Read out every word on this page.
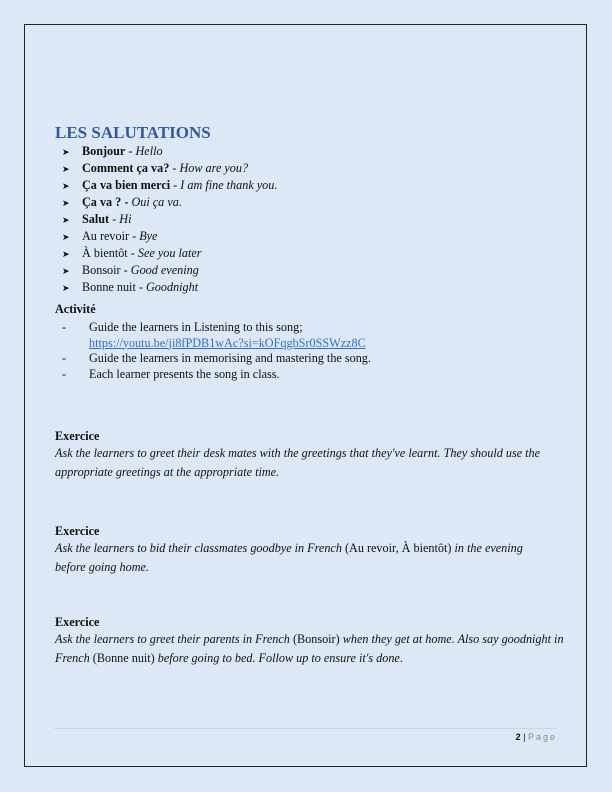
LES SALUTATIONS
➤ Bonjour - Hello
➤ Comment ça va? - How are you?
➤ Ça va bien merci - I am fine thank you.
➤ Ça va ? - Oui ça va.
➤ Salut - Hi
➤ Au revoir - Bye
➤ À bientôt - See you later
➤ Bonsoir - Good evening
➤ Bonne nuit - Goodnight
Activité
-	Guide the learners in Listening to this song;
https://youtu.be/ji8fPDB1wAc?si=kOFqgbSr0SSWzz8C
-	Guide the learners in memorising and mastering the song.
-	Each learner presents the song in class.
Exercice
Ask the learners to greet their desk mates with the greetings that they've learnt. They should use the appropriate greetings at the appropriate time.
Exercice
Ask the learners to bid their classmates goodbye in French (Au revoir, À bientôt) in the evening before going home.
Exercice
Ask the learners to greet their parents in French (Bonsoir) when they get at home. Also say goodnight in French (Bonne nuit) before going to bed. Follow up to ensure it's done.
2 | Page
